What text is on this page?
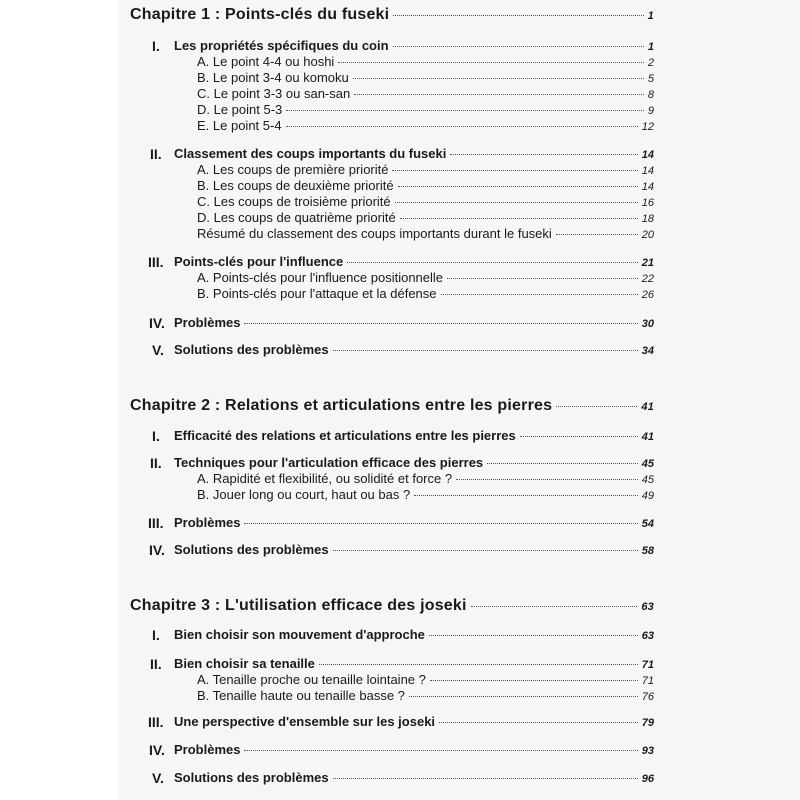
Chapitre 1 : Points-clés du fuseki	1
I. Les propriétés spécifiques du coin	1
A. Le point 4-4 ou hoshi	2
B. Le point 3-4 ou komoku	5
C. Le point 3-3 ou san-san	8
D. Le point 5-3	9
E. Le point 5-4	12
II. Classement des coups importants du fuseki	14
A. Les coups de première priorité	14
B. Les coups de deuxième priorité	14
C. Les coups de troisième priorité	16
D. Les coups de quatrième priorité	18
Résumé du classement des coups importants durant le fuseki	20
III. Points-clés pour l'influence	21
A. Points-clés pour l'influence positionnelle	22
B. Points-clés pour l'attaque et la défense	26
IV. Problèmes	30
V. Solutions des problèmes	34
Chapitre 2 : Relations et articulations entre les pierres	41
I. Efficacité des relations et articulations entre les pierres	41
II. Techniques pour l'articulation efficace des pierres	45
A. Rapidité et flexibilité, ou solidité et force ?	45
B. Jouer long ou court, haut ou bas ?	49
III. Problèmes	54
IV. Solutions des problèmes	58
Chapitre 3 : L'utilisation efficace des joseki	63
I. Bien choisir son mouvement d'approche	63
II. Bien choisir sa tenaille	71
A. Tenaille proche ou tenaille lointaine ?	71
B. Tenaille haute ou tenaille basse ?	76
III. Une perspective d'ensemble sur les joseki	79
IV. Problèmes	93
V. Solutions des problèmes	96
